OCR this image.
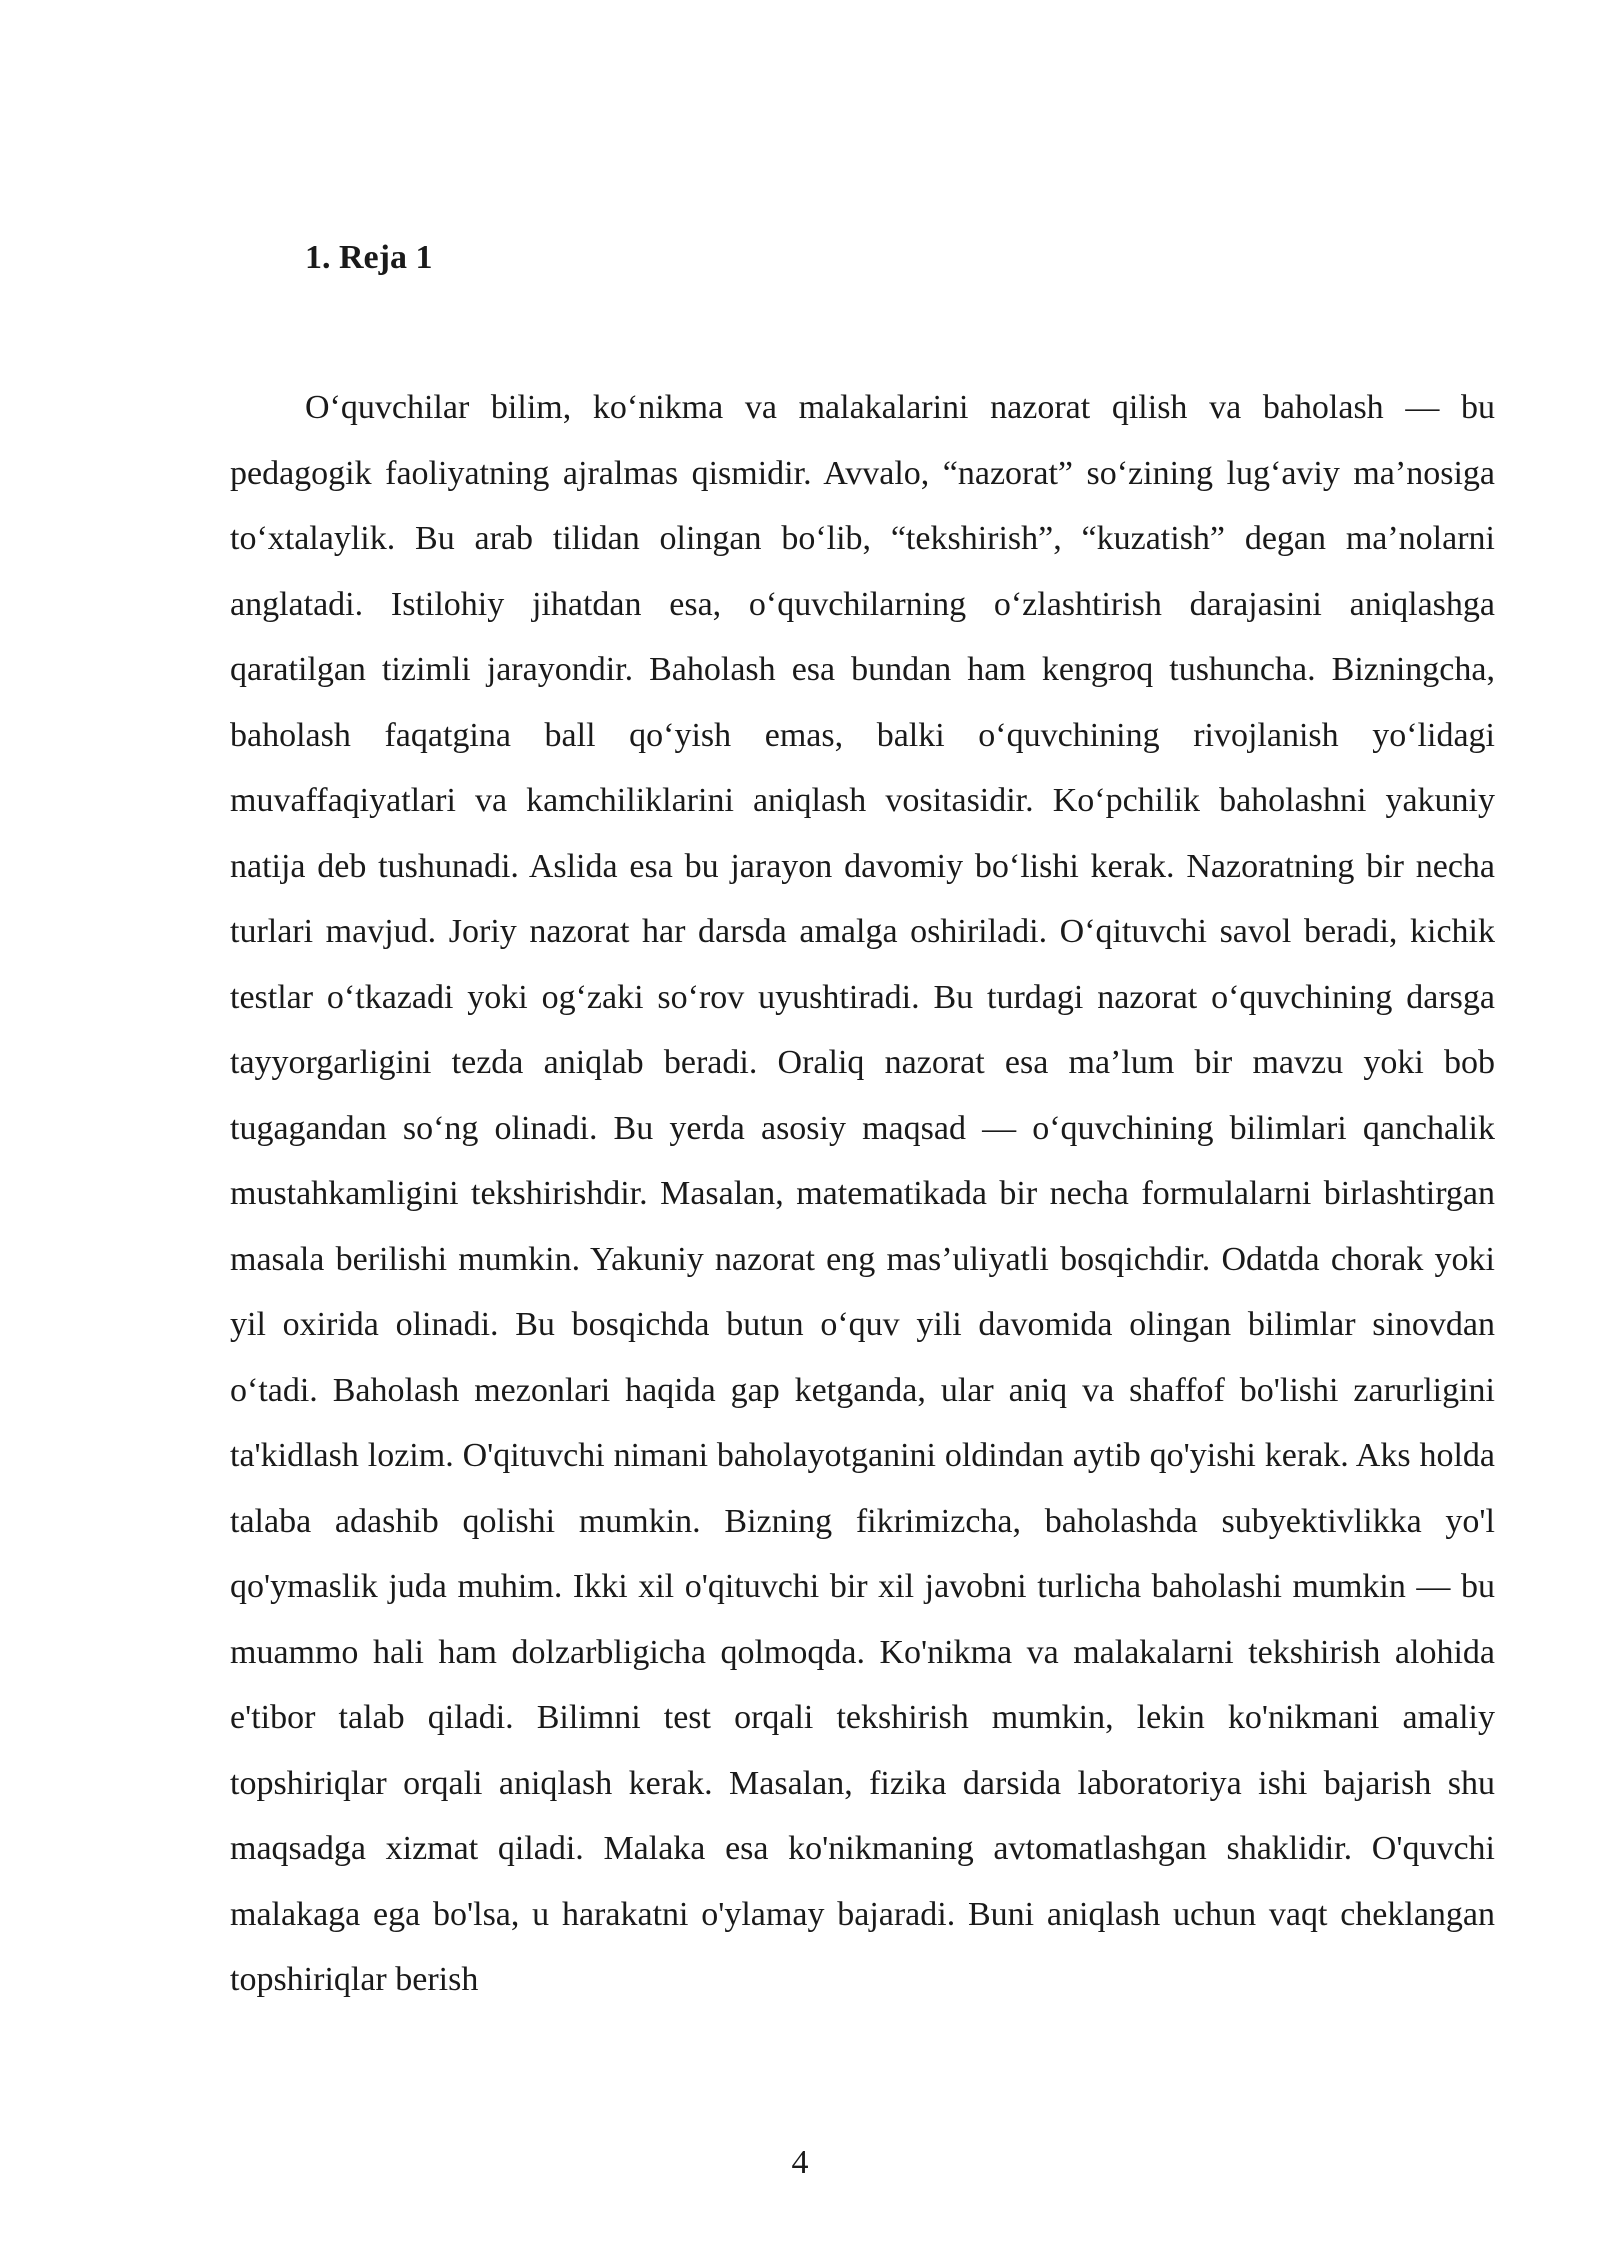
1. Reja 1

O‘quvchilar bilim, ko‘nikma va malakalarini nazorat qilish va baholash — bu pedagogik faoliyatning ajralmas qismidir. Avvalo, “nazorat” so‘zining lug‘aviy ma’nosiga to‘xtalaylik. Bu arab tilidan olingan bo‘lib, “tekshirish”, “kuzatish” degan ma’nolarni anglatadi. Istilohiy jihatdan esa, o‘quvchilarning o‘zlashtirish darajasini aniqlashga qaratilgan tizimli jarayondir. Baholash esa bundan ham kengroq tushuncha. Bizningcha, baholash faqatgina ball qo‘yish emas, balki o‘quvchining rivojlanish yo‘lidagi muvaffaqiyatlari va kamchiliklarini aniqlash vositasidir. Ko‘pchilik baholashni yakuniy natija deb tushunadi. Aslida esa bu jarayon davomiy bo‘lishi kerak. Nazoratning bir necha turlari mavjud. Joriy nazorat har darsda amalga oshiriladi. O‘qituvchi savol beradi, kichik testlar o‘tkazadi yoki og‘zaki so‘rov uyushtiradi. Bu turdagi nazorat o‘quvchining darsga tayyorgarligini tezda aniqlab beradi. Oraliq nazorat esa ma’lum bir mavzu yoki bob tugagandan so‘ng olinadi. Bu yerda asosiy maqsad — o‘quvchining bilimlari qanchalik mustahkamligini tekshirishdir. Masalan, matematikada bir necha formulalarni birlashtirgan masala berilishi mumkin. Yakuniy nazorat eng mas’uliyatli bosqichdir. Odatda chorak yoki yil oxirida olinadi. Bu bosqichda butun o‘quv yili davomida olingan bilimlar sinovdan o‘tadi. Baholash mezonlari haqida gap ketganda, ular aniq va shaffof bo'lishi zarurligini ta'kidlash lozim. O'qituvchi nimani baholayotganini oldindan aytib qo'yishi kerak. Aks holda talaba adashib qolishi mumkin. Bizning fikrimizcha, baholashda subyektivlikka yo'l qo'ymaslik juda muhim. Ikki xil o'qituvchi bir xil javobni turlicha baholashi mumkin — bu muammo hali ham dolzarbligicha qolmoqda. Ko'nikma va malakalarni tekshirish alohida e'tibor talab qiladi. Bilimni test orqali tekshirish mumkin, lekin ko'nikmani amaliy topshiriqlar orqali aniqlash kerak. Masalan, fizika darsida laboratoriya ishi bajarish shu maqsadga xizmat qiladi. Malaka esa ko'nikmaning avtomatlashgan shaklidir. O'quvchi malakaga ega bo'lsa, u harakatni o'ylamay bajaradi. Buni aniqlash uchun vaqt cheklangan topshiriqlar berish

4
